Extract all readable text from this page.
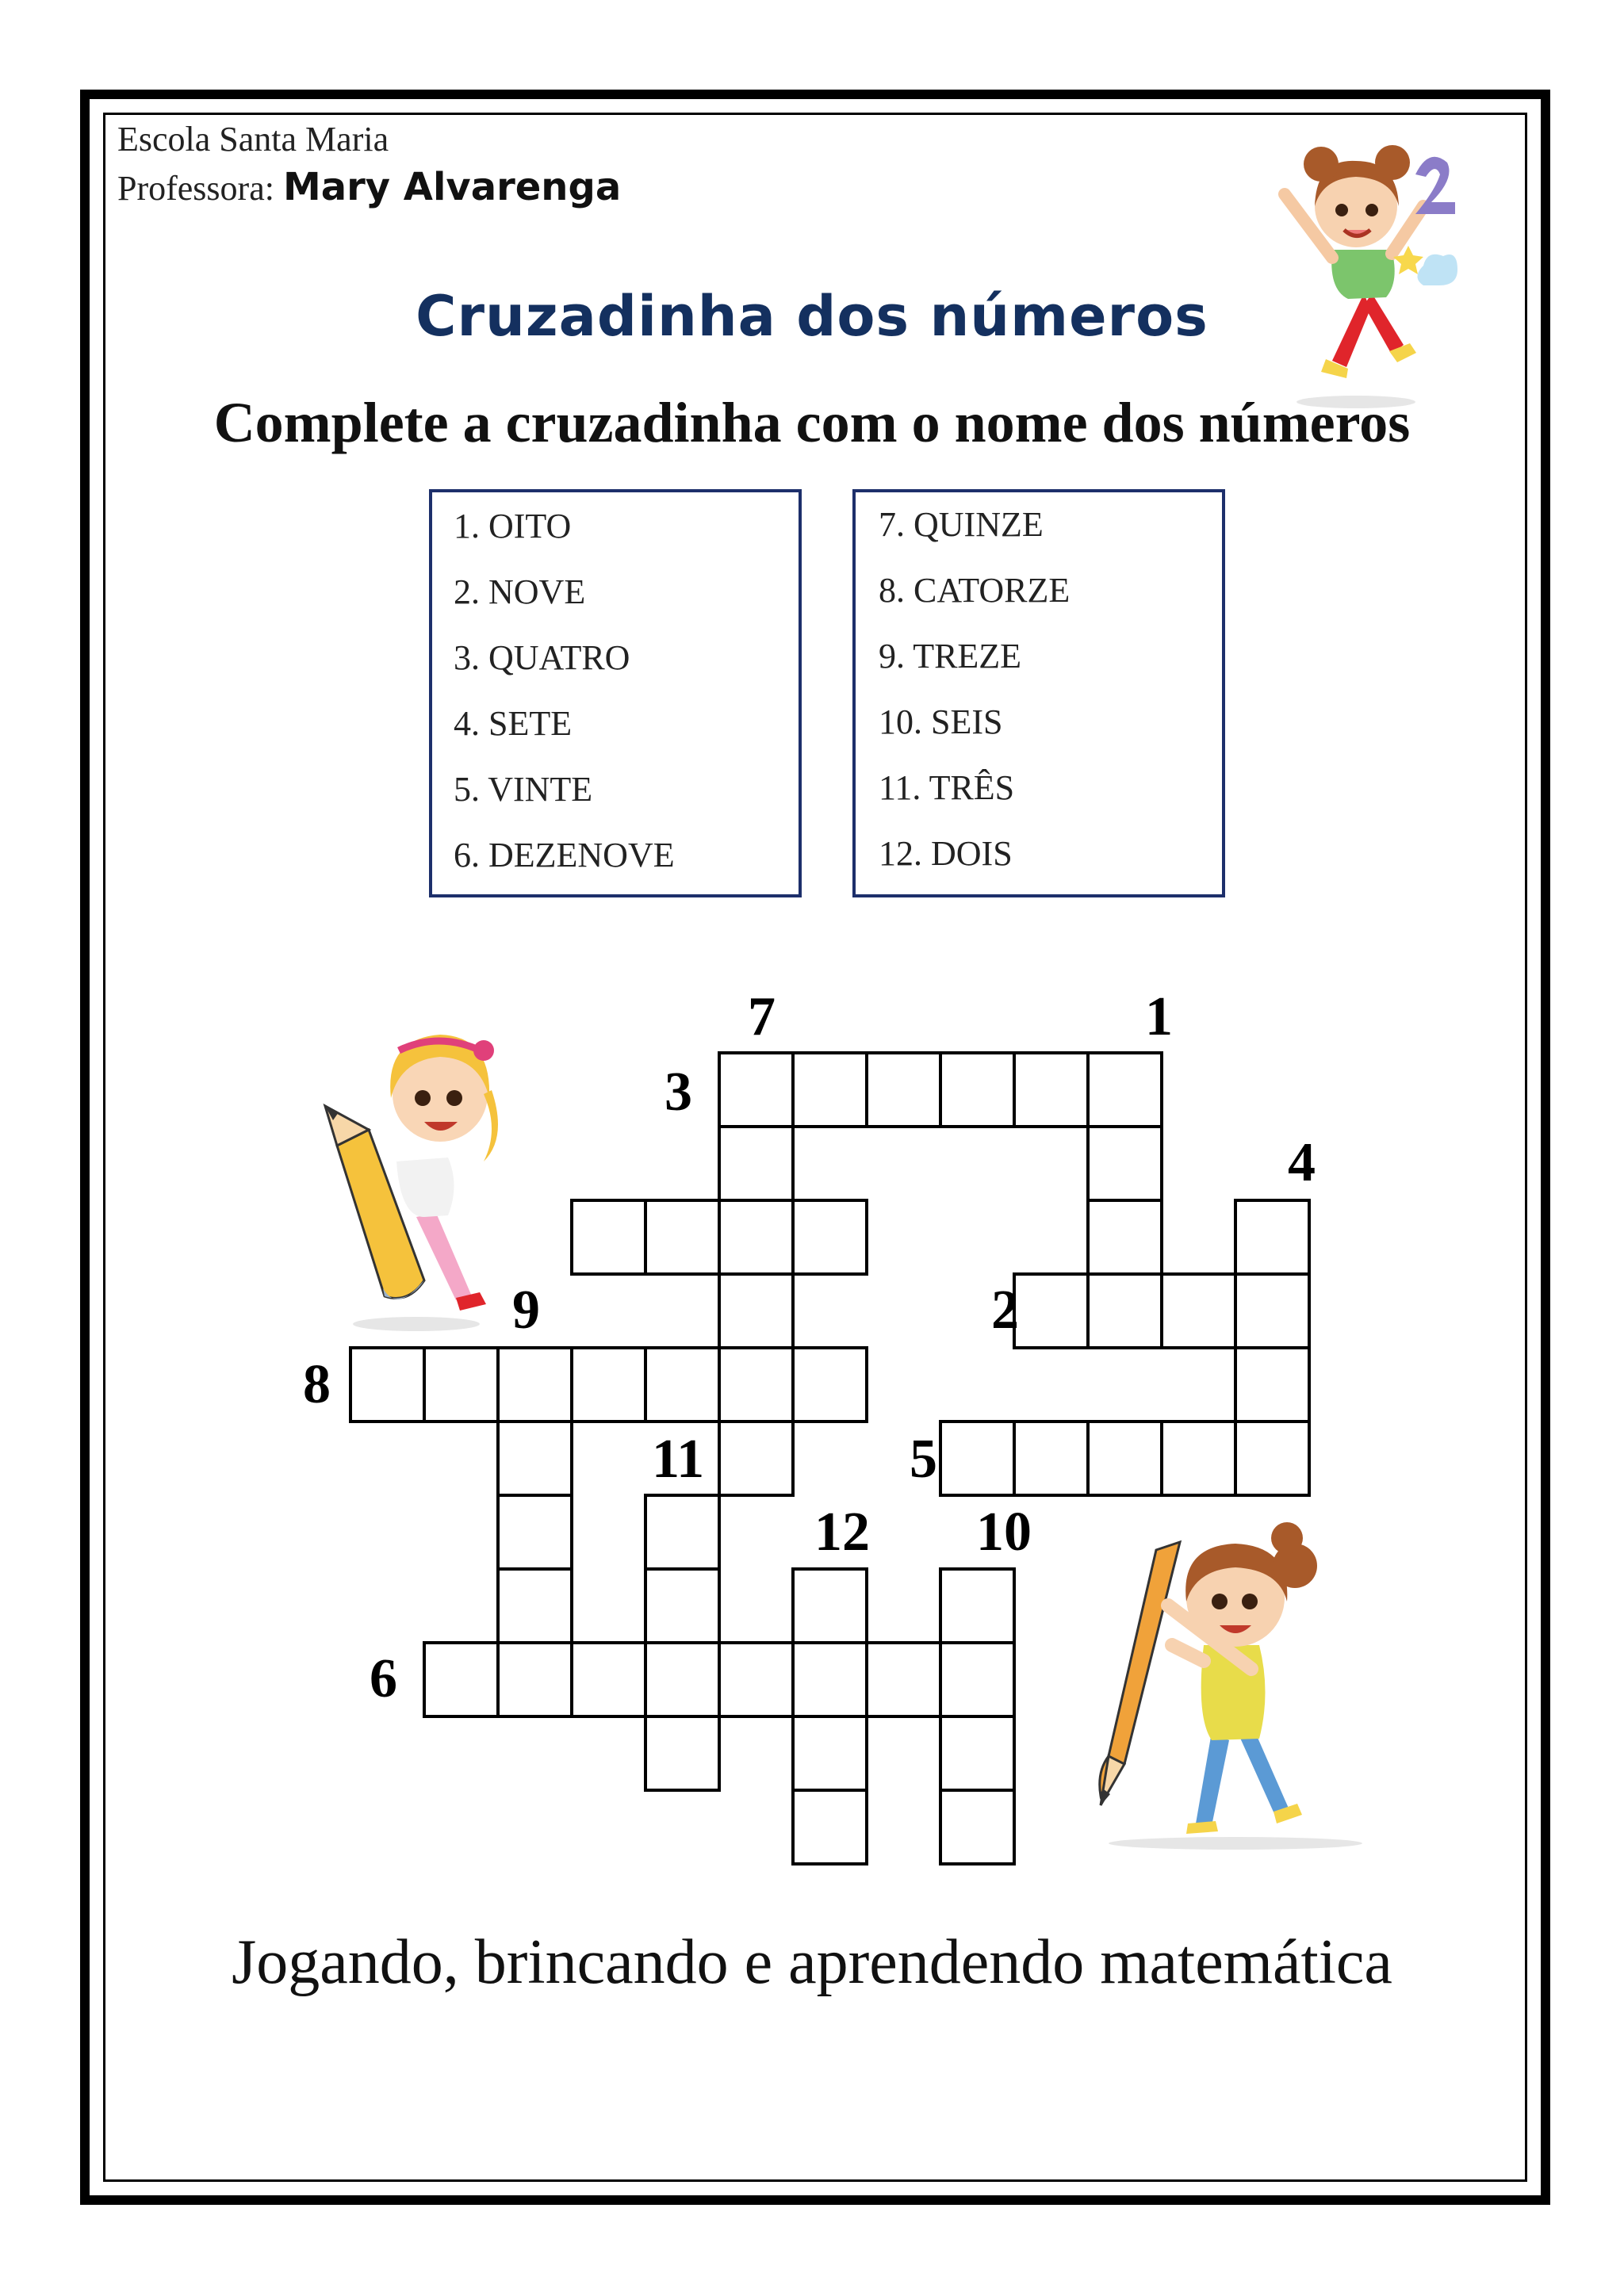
Escola Santa Maria
Professora: Mary Alvarenga
Cruzadinha dos números
Complete a cruzadinha com o nome dos números
1. OITO
2. NOVE
3. QUATRO
4. SETE
5. VINTE
6. DEZENOVE
7. QUINZE
8. CATORZE
9. TREZE
10. SEIS
11. TRÊS
12. DOIS
7	1
3
4
9	2
8
11	5
12 10
6
Jogando, brincando e aprendendo matemática
